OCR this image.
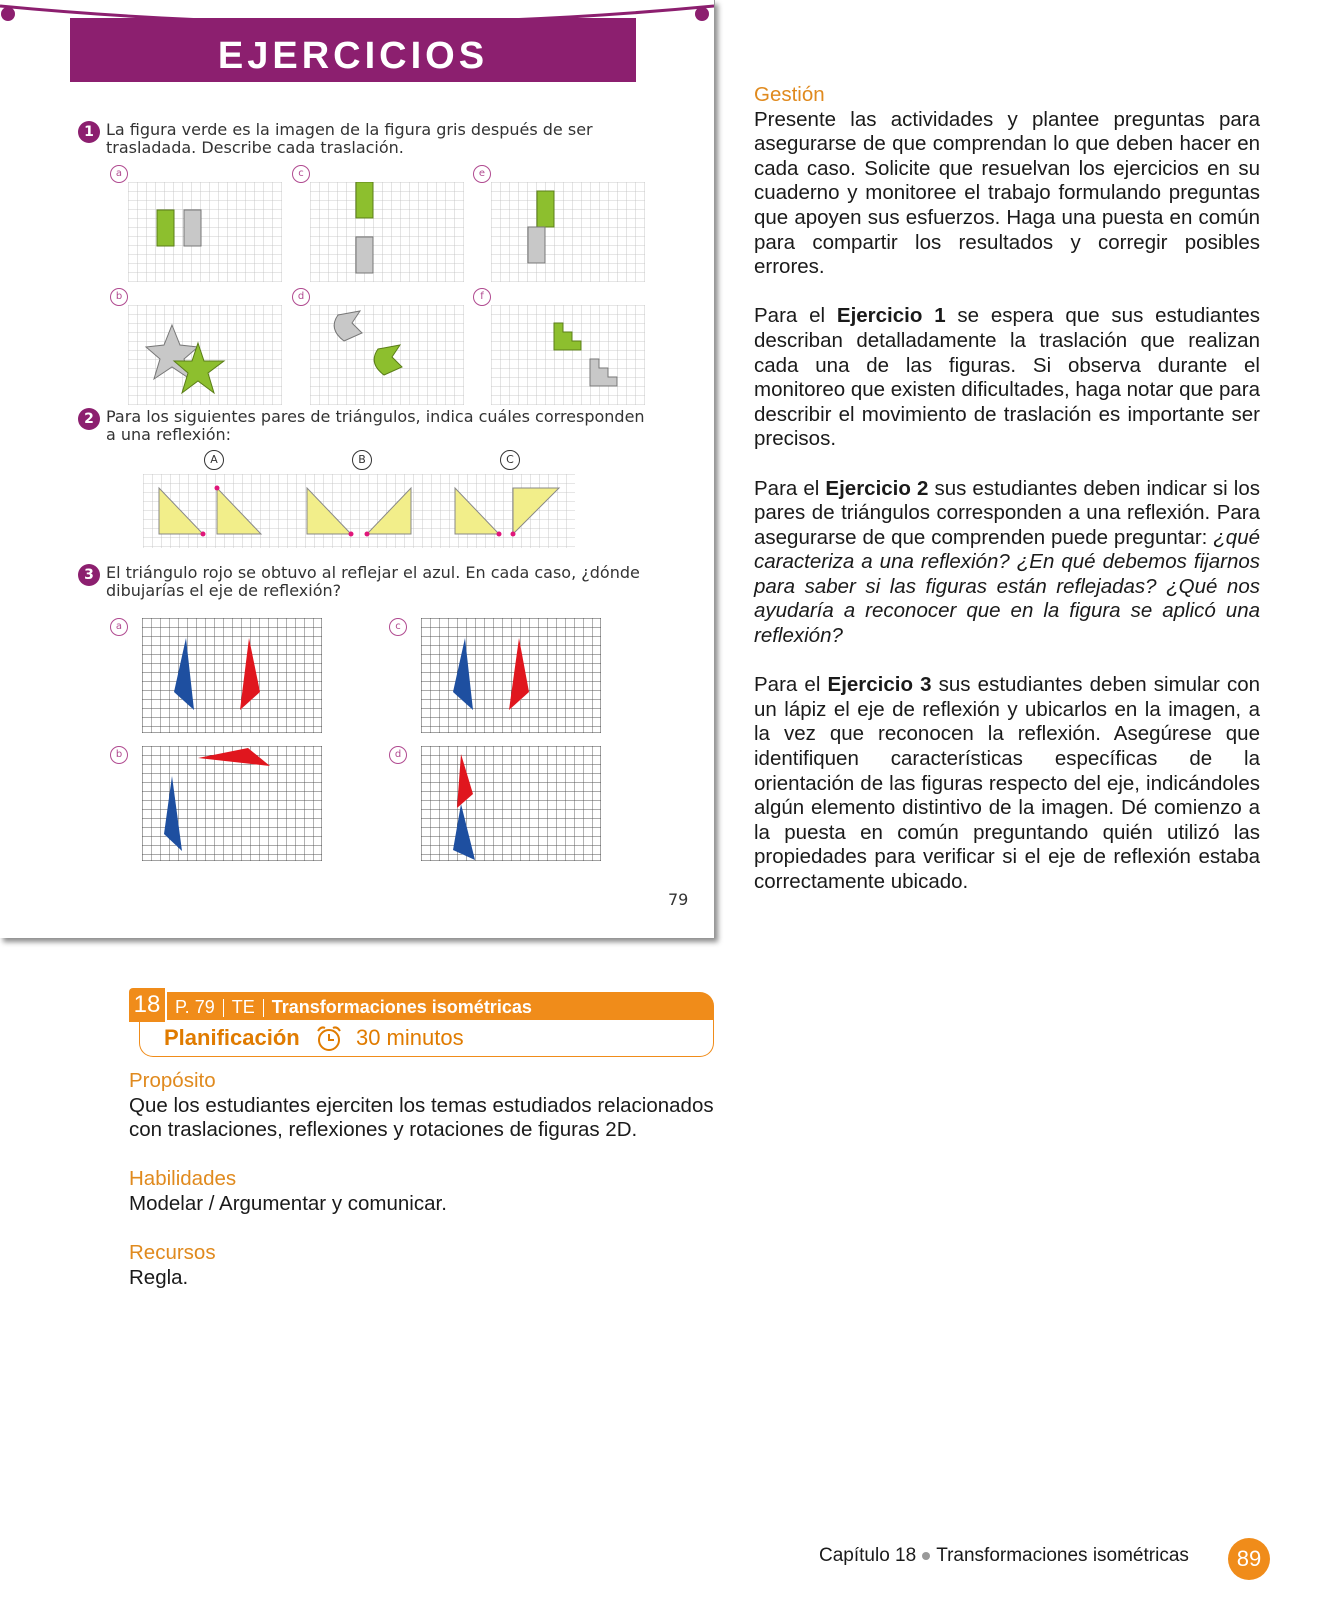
EJERCICIOS
1 La figura verde es la imagen de la figura gris después de ser trasladada. Describe cada traslación.
a	c	e
b	d	f
2 Para los siguientes pares de triángulos, indica cuáles corresponden a una reflexión:
A	B	C
3 El triángulo rojo se obtuvo al reflejar el azul. En cada caso, ¿dónde dibujarías el eje de reflexión?
a
b
c
d
79
Gestión

Presente las actividades y plantee preguntas para asegurarse de que comprendan lo que deben hacer en cada caso. Solicite que resuelvan los ejercicios en su cuaderno y monitoree el trabajo formulando preguntas que apoyen sus esfuerzos. Haga una puesta en común para compartir los resultados y corregir posibles errores.

Para el Ejercicio 1 se espera que sus estudiantes describan detalladamente la traslación que realizan cada una de las figuras. Si observa durante el monitoreo que existen dificultades, haga notar que para describir el movimiento de traslación es importante ser precisos.

Para el Ejercicio 2 sus estudiantes deben indicar si los pares de triángulos corresponden a una reflexión. Para asegurarse de que comprenden puede preguntar: ¿qué caracteriza a una reflexión? ¿En qué debemos fijarnos para saber si las figuras están reflejadas? ¿Qué nos ayudaría a reconocer que en la figura se aplicó una reflexión?

Para el Ejercicio 3 sus estudiantes deben simular con un lápiz el eje de reflexión y ubicarlos en la imagen, a la vez que reconocen la reflexión. Asegúrese que identifiquen características específicas de la orientación de las figuras respecto del eje, indicándoles algún elemento distintivo de la imagen. Dé comienzo a la puesta en común preguntando quién utilizó las propiedades para verificar si el eje de reflexión estaba correctamente ubicado.

18 P. 79 TE Transformaciones isométricas
Planificación	30 minutos
Propósito

Que los estudiantes ejerciten los temas estudiados relacionados con traslaciones, reflexiones y rotaciones de figuras 2D.

Habilidades

Modelar / Argumentar y comunicar.

Recursos

Regla.

Capítulo 18 Transformaciones isométricas	89
